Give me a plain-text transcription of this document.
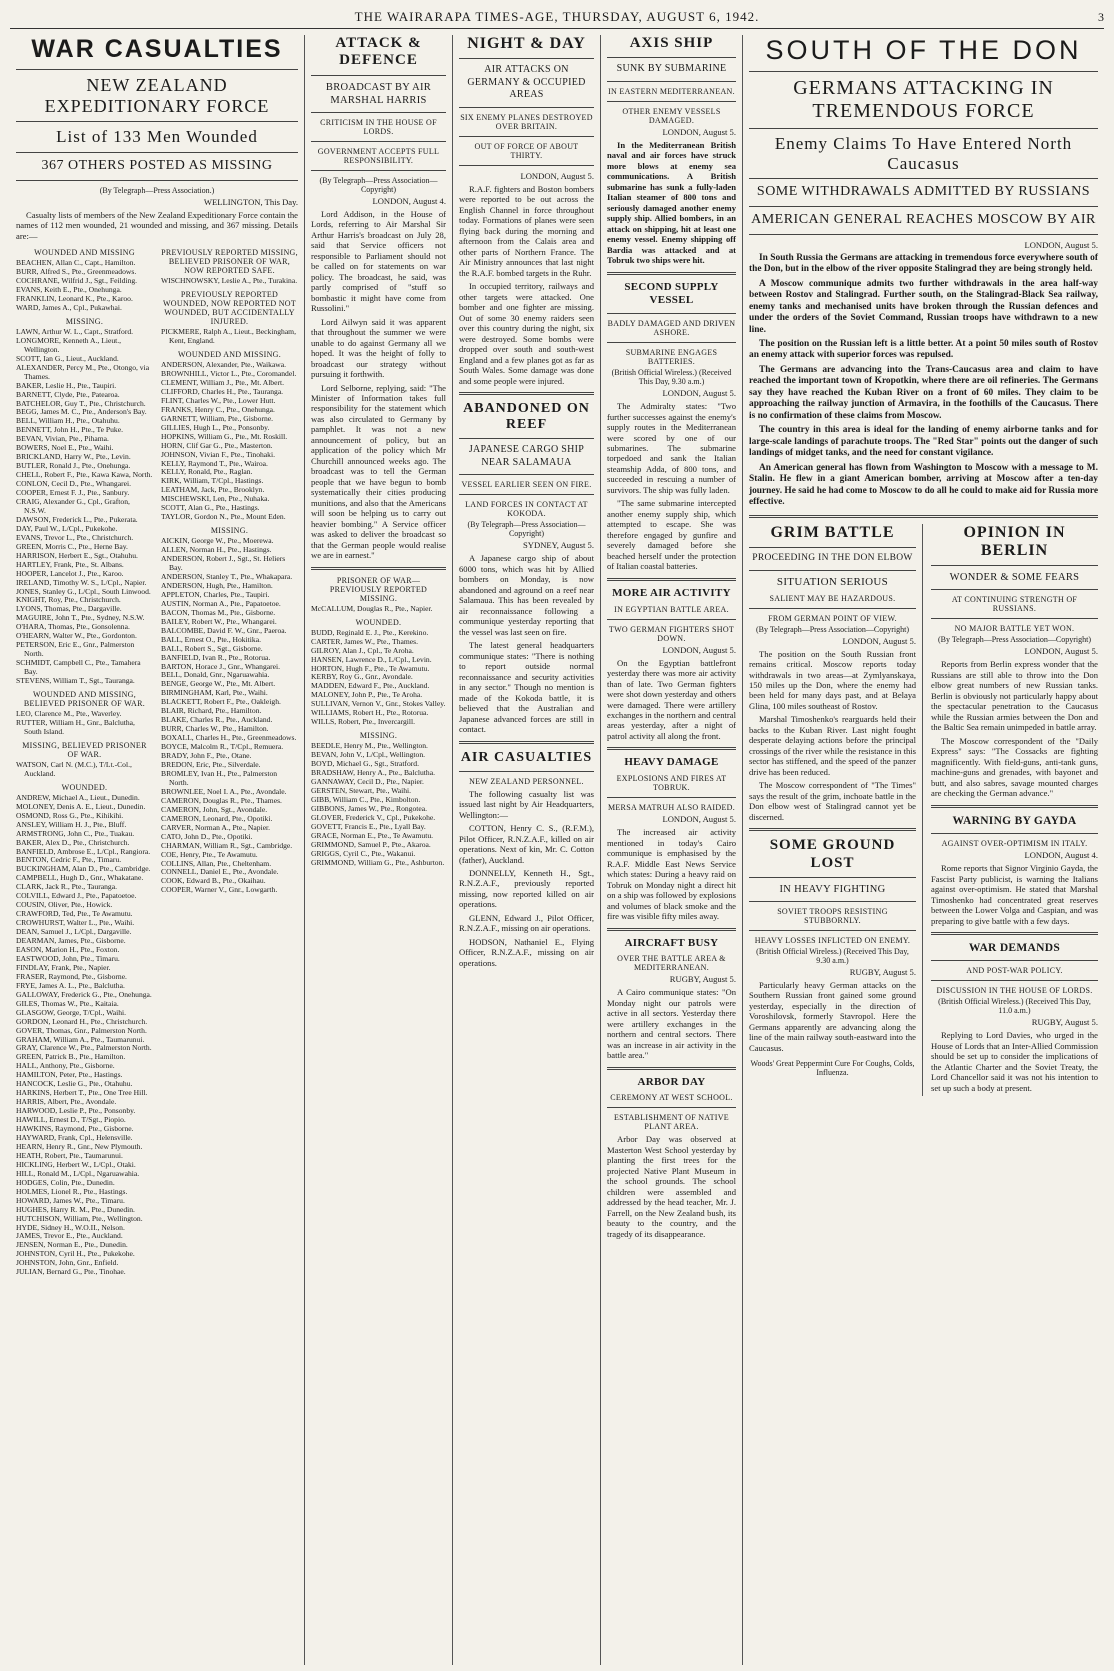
THE WAIRARAPA TIMES-AGE, THURSDAY, AUGUST 6, 1942.	3
WAR CASUALTIES
NEW ZEALAND EXPEDITIONARY FORCE
List of 133 Men Wounded
367 OTHERS POSTED AS MISSING
(By Telegraph—Press Association.)
WELLINGTON, This Day.

Casualty lists of members of the New Zealand Expeditionary Force contain the names of 112 men wounded, 21 wounded and missing, and 367 missing. Details are:—

WOUNDED AND MISSING
BEACHEN, Allan C., Capt., Hamilton.
BURR, Alfred S., Pte., Greenmeadows.
COCHRANE, Wilfrid J., Sgt., Feilding.
EVANS, Keith E., Pte., Onehunga.
FRANKLIN, Leonard K., Pte., Karoo.
WARD, James A., Cpl., Pukawhai.
MISSING.
LAWN, Arthur W. L., Capt., Stratford.
LONGMORE, Kenneth A., Lieut., Wellington.
SCOTT, Ian G., Lieut., Auckland.
ALEXANDER, Percy M., Pte., Otongo, via Thames.
BAKER, Leslie H., Pte., Taupiri.
BARNETT, Clyde, Pte., Patearoa.
BATCHELOR, Guy T., Pte., Christchurch.
BEGG, James M. C., Pte., Anderson's Bay.
BELL, William H., Pte., Otahuhu.
BENNETT, John H., Pte., Te Puke.
BEVAN, Vivian, Pte., Pihama.
BOWERS, Noel E., Pte., Waihi.
BRICKLAND, Harry W., Pte., Levin.
BUTLER, Ronald J., Pte., Onehunga.
CHELL, Robert F., Pte., Kawa Kawa, North.
CONLON, Cecil D., Pte., Whangarei.
COOPER, Ernest F. J., Pte., Sanbury.
CRAIG, Alexander G., Cpl., Grafton, N.S.W.
DAWSON, Frederick L., Pte., Pukerata.
DAY, Paul W., L/Cpl., Pukekohe.
EVANS, Trevor L., Pte., Christchurch.
GREEN, Morris C., Pte., Herne Bay.
HARRISON, Herbert E., Sgt., Otahuhu.
HARTLEY, Frank, Pte., St. Albans.
HOOPER, Lancelot J., Pte., Karoo.
IRELAND, Timothy W. S., L/Cpl., Napier.
JONES, Stanley G., L/Cpl., South Linwood.
KNIGHT, Roy, Pte., Christchurch.
LYONS, Thomas, Pte., Dargaville.
MAGUIRE, John T., Pte., Sydney, N.S.W.
O'HARA, Thomas, Pte., Gonsolenna.
O'HEARN, Walter W., Pte., Gordonton.
PETERSON, Eric E., Gnr., Palmerston North.
SCHMIDT, Campbell C., Pte., Tamahera Bay.
STEVENS, William T., Sgt., Tauranga.
WOUNDED AND MISSING, BELIEVED PRISONER OF WAR.
LEO, Clarence M., Pte., Waverley.
RUTTER, William H., Gnr., Balclutha, South Island.
MISSING, BELIEVED PRISONER OF WAR.
WATSON, Carl N. (M.C.), T/Lt.-Col., Auckland.
WOUNDED.
ANDREW, Michael A., Lieut., Dunedin.
MOLONEY, Denis A. E., Lieut., Dunedin.
OSMOND, Ross G., Pte., Kihikihi.
ANSLEY, William H. J., Pte., Bluff.
ARMSTRONG, John C., Pte., Tuakau.
BAKER, Alex D., Pte., Christchurch.
BANFIELD, Ambrose E., L/Cpl., Rangiora.
BENTON, Cedric F., Pte., Timaru.
BUCKINGHAM, Alan D., Pte., Cambridge.
CAMPBELL, Hugh D., Gnr., Whakatane.
CLARK, Jack R., Pte., Tauranga.
COLVILL, Edward J., Pte., Papatoetoe.
COUSIN, Oliver, Pte., Howick.
CRAWFORD, Ted, Pte., Te Awamutu.
CROWHURST, Walter L., Pte., Waihi.
DEAN, Samuel J., L/Cpl., Dargaville.
DEARMAN, James, Pte., Gisborne.
EASON, Marion H., Pte., Foxton.
EASTWOOD, John, Pte., Timaru.
FINDLAY, Frank, Pte., Napier.
FRASER, Raymond, Pte., Gisborne.
FRYE, James A. L., Pte., Balclutha.
GALLOWAY, Frederick G., Pte., Onehunga.
GILES, Thomas W., Pte., Kaitaia.
GLASGOW, George, T/Cpl., Waihi.
GORDON, Leonard H., Pte., Christchurch.
GOVER, Thomas, Gnr., Palmerston North.
GRAHAM, William A., Pte., Taumarunui.
GRAY, Clarence W., Pte., Palmerston North.
GREEN, Patrick B., Pte., Hamilton.
HALL, Anthony, Pte., Gisborne.
HAMILTON, Peter, Pte., Hastings.
HANCOCK, Leslie G., Pte., Otahuhu.
HARKINS, Herbert T., Pte., One Tree Hill.
HARRIS, Albert, Pte., Avondale.
HARWOOD, Leslie P., Pte., Ponsonby.
HAWILL, Ernest D., T/Sgt., Piopio.
HAWKINS, Raymond, Pte., Gisborne.
HAYWARD, Frank, Cpl., Helensville.
HEARN, Henry R., Gnr., New Plymouth.
HEATH, Robert, Pte., Taumarunui.
HICKLING, Herbert W., L/Cpl., Otaki.
HILL, Ronald M., L/Cpl., Ngaruawahia.
HODGES, Colin, Pte., Dunedin.
HOLMES, Lionel R., Pte., Hastings.
HOWARD, James W., Pte., Timaru.
HUGHES, Harry R. M., Pte., Dunedin.
HUTCHISON, William, Pte., Wellington.
HYDE, Sidney H., W.O.II., Nelson.
JAMES, Trevor E., Pte., Auckland.
JENSEN, Norman E., Pte., Dunedin.
JOHNSTON, Cyril H., Pte., Pukekohe.
JOHNSTON, John, Gnr., Enfield.
JULIAN, Bernard G., Pte., Tinohae.
PREVIOUSLY REPORTED MISSING, BELIEVED PRISONER OF WAR, NOW REPORTED SAFE.
WISCHNOWSKY, Leslie A., Pte., Turakina.
PREVIOUSLY REPORTED WOUNDED, NOW REPORTED NOT WOUNDED, BUT ACCIDENTALLY INJURED.
PICKMERE, Ralph A., Lieut., Beckingham, Kent, England.
WOUNDED AND MISSING.
ANDERSON, Alexander, Pte., Waikawa.
BROWNHILL, Victor L., Pte., Coromandel.
CLEMENT, William J., Pte., Mt. Albert.
CLIFFORD, Charles H., Pte., Tauranga.
FLINT, Charles W., Pte., Lower Hutt.
FRANKS, Henry C., Pte., Onehunga.
GARNETT, William, Pte., Gisborne.
GILLIES, Hugh L., Pte., Ponsonby.
HOPKINS, William G., Pte., Mt. Roskill.
HORN, Clif Gar G., Pte., Masterton.
JOHNSON, Vivian F., Pte., Tinohaki.
KELLY, Raymond T., Pte., Wairoa.
KELLY, Ronald, Pte., Raglan.
KIRK, William, T/Cpl., Hastings.
LEATHAM, Jack, Pte., Brooklyn.
MISCHEWSKI, Len, Pte., Nuhaka.
SCOTT, Alan G., Pte., Hastings.
TAYLOR, Gordon N., Pte., Mount Eden.
MISSING.
AICKIN, George W., Pte., Moerewa.
ALLEN, Norman H., Pte., Hastings.
ANDERSON, Robert J., Sgt., St. Heliers Bay.
ANDERSON, Stanley T., Pte., Whakapara.
ANDERSON, Hugh, Pte., Hamilton.
APPLETON, Charles, Pte., Taupiri.
AUSTIN, Norman A., Pte., Papatoetoe.
BACON, Thomas M., Pte., Gisborne.
BAILEY, Robert W., Pte., Whangarei.
BALCOMBE, David F. W., Gnr., Paeroa.
BALL, Ernest O., Pte., Hokitika.
BALL, Robert S., Sgt., Gisborne.
BANFIELD, Ivan R., Pte., Rotorua.
BARTON, Horace J., Gnr., Whangarei.
BELL, Donald, Gnr., Ngaruawahia.
BENGE, George W., Pte., Mt. Albert.
BIRMINGHAM, Karl, Pte., Waihi.
BLACKETT, Robert F., Pte., Oakleigh.
BLAIR, Richard, Pte., Hamilton.
BLAKE, Charles R., Pte., Auckland.
BURR, Charles W., Pte., Hamilton.
BOXALL, Charles H., Pte., Greenmeadows.
BOYCE, Malcolm R., T/Cpl., Remuera.
BRADY, John F., Pte., Otane.
BREDON, Eric, Pte., Silverdale.
BROMLEY, Ivan H., Pte., Palmerston North.
BROWNLEE, Noel I. A., Pte., Avondale.
CAMERON, Douglas R., Pte., Thames.
CAMERON, John, Sgt., Avondale.
CAMERON, Leonard, Pte., Opotiki.
CARVER, Norman A., Pte., Napier.
CATO, John D., Pte., Opotiki.
CHARMAN, William R., Sgt., Cambridge.
COE, Henry, Pte., Te Awamutu.
COLLINS, Allan, Pte., Cheltenham.
CONNELL, Daniel E., Pte., Avondale.
COOK, Edward B., Pte., Okaihau.
COOPER, Warner V., Gnr., Lowgarth.
ATTACK & DEFENCE
BROADCAST BY AIR MARSHAL HARRIS
CRITICISM IN THE HOUSE OF LORDS.
GOVERNMENT ACCEPTS FULL RESPONSIBILITY.
(By Telegraph—Press Association—Copyright)
LONDON, August 4.

Lord Addison, in the House of Lords, referring to Air Marshal Sir Arthur Harris's broadcast on July 28, said that Service officers not responsible to Parliament should not be called on for statements on war policy. The broadcast, he said, was partly comprised of "stuff so bombastic it might have come from Russolini."

Lord Ailwyn said it was apparent that throughout the summer we were unable to do against Germany all we hoped. It was the height of folly to broadcast our strategy without pursuing it forthwith.

Lord Selborne, replying, said: "The Minister of Information takes full responsibility for the statement which was also circulated to Germany by pamphlet. It was not a new announcement of policy, but an application of the policy which Mr Churchill announced weeks ago. The broadcast was to tell the German people that we have begun to bomb systematically their cities producing munitions, and also that the Americans will soon be helping us to carry out heavier bombing." A Service officer was asked to deliver the broadcast so that the German people would realise we are in earnest."

PRISONER OF WAR—PREVIOUSLY REPORTED MISSING.
McCALLUM, Douglas R., Pte., Napier.
WOUNDED.
BUDD, Reginald E. J., Pte., Kerekino.
CARTER, James W., Pte., Thames.
GILROY, Alan J., Cpl., Te Aroha.
HANSEN, Lawrence D., L/Cpl., Levin.
HORTON, Hugh F., Pte., Te Awamutu.
KERBY, Roy G., Gnr., Avondale.
MADDEN, Edward F., Pte., Auckland.
MALONEY, John P., Pte., Te Aroha.
SULLIVAN, Vernon V., Gnr., Stokes Valley.
WILLIAMS, Robert H., Pte., Rotorua.
WILLS, Robert, Pte., Invercargill.
MISSING.
BEEDLE, Henry M., Pte., Wellington.
BEVAN, John V., L/Cpl., Wellington.
BOYD, Michael G., Sgt., Stratford.
BRADSHAW, Henry A., Pte., Balclutha.
GANNAWAY, Cecil D., Pte., Napier.
GERSTEN, Stewart, Pte., Waihi.
GIBB, William C., Pte., Kimbolton.
GIBBONS, James W., Pte., Rongotea.
GLOVER, Frederick V., Cpl., Pukekohe.
GOVETT, Francis E., Pte., Lyall Bay.
GRACE, Norman E., Pte., Te Awamutu.
GRIMMOND, Samuel P., Pte., Akaroa.
GRIGGS, Cyril C., Pte., Wakanui.
GRIMMOND, William G., Pte., Ashburton.
NIGHT & DAY
AIR ATTACKS ON GERMANY & OCCUPIED AREAS
SIX ENEMY PLANES DESTROYED OVER BRITAIN.
OUT OF FORCE OF ABOUT THIRTY.
LONDON, August 5.

R.A.F. fighters and Boston bombers were reported to be out across the English Channel in force throughout today. Formations of planes were seen flying back during the morning and afternoon from the Calais area and other parts of Northern France. The Air Ministry announces that last night the R.A.F. bombed targets in the Ruhr.

In occupied territory, railways and other targets were attacked. One bomber and one fighter are missing. Out of some 30 enemy raiders seen over this country during the night, six were destroyed. Some bombs were dropped over south and south-west England and a few planes got as far as South Wales. Some damage was done and some people were injured.

ABANDONED ON REEF
JAPANESE CARGO SHIP NEAR SALAMAUA
VESSEL EARLIER SEEN ON FIRE.
LAND FORCES IN CONTACT AT KOKODA.
(By Telegraph—Press Association—Copyright)
SYDNEY, August 5.

A Japanese cargo ship of about 6000 tons, which was hit by Allied bombers on Monday, is now abandoned and aground on a reef near Salamaua. This has been revealed by air reconnaissance following a communique yesterday reporting that the vessel was last seen on fire.

The latest general headquarters communique states: "There is nothing to report outside normal reconnaissance and security activities in any sector." Though no mention is made of the Kokoda battle, it is believed that the Australian and Japanese advanced forces are still in contact.

AIR CASUALTIES
NEW ZEALAND PERSONNEL.

The following casualty list was issued last night by Air Headquarters, Wellington:—

COTTON, Henry C. S., (R.F.M.), Pilot Officer, R.N.Z.A.F., killed on air operations. Next of kin, Mr. C. Cotton (father), Auckland.

DONNELLY, Kenneth H., Sgt., R.N.Z.A.F., previously reported missing, now reported killed on air operations.

GLENN, Edward J., Pilot Officer, R.N.Z.A.F., missing on air operations.

HODSON, Nathaniel E., Flying Officer, R.N.Z.A.F., missing on air operations.

AXIS SHIP
SUNK BY SUBMARINE
IN EASTERN MEDITERRANEAN.
OTHER ENEMY VESSELS DAMAGED.
LONDON, August 5.

In the Mediterranean British naval and air forces have struck more blows at enemy sea communications. A British submarine has sunk a fully-laden Italian steamer of 800 tons and seriously damaged another enemy supply ship. Allied bombers, in an attack on shipping, hit at least one enemy vessel. Enemy shipping off Bardia was attacked and at Tobruk two ships were hit.

SECOND SUPPLY VESSEL
BADLY DAMAGED AND DRIVEN ASHORE.
SUBMARINE ENGAGES BATTERIES.
(British Official Wireless.) (Received This Day, 9.30 a.m.)
LONDON, August 5.

The Admiralty states: "Two further successes against the enemy's supply routes in the Mediterranean were scored by one of our submarines. The submarine torpedoed and sank the Italian steamship Adda, of 800 tons, and succeeded in rescuing a number of survivors. The ship was fully laden.

"The same submarine intercepted another enemy supply ship, which attempted to escape. She was therefore engaged by gunfire and severely damaged before she beached herself under the protection of Italian coastal batteries.

MORE AIR ACTIVITY
IN EGYPTIAN BATTLE AREA.
TWO GERMAN FIGHTERS SHOT DOWN.
LONDON, August 5.

On the Egyptian battlefront yesterday there was more air activity than of late. Two German fighters were shot down yesterday and others were damaged. There were artillery exchanges in the northern and central areas yesterday, after a night of patrol activity all along the front.

HEAVY DAMAGE
EXPLOSIONS AND FIRES AT TOBRUK.
MERSA MATRUH ALSO RAIDED.
LONDON, August 5.

The increased air activity mentioned in today's Cairo communique is emphasised by the R.A.F. Middle East News Service which states: During a heavy raid on Tobruk on Monday night a direct hit on a ship was followed by explosions and volumes of black smoke and the fire was visible fifty miles away.

AIRCRAFT BUSY
OVER THE BATTLE AREA & MEDITERRANEAN.
RUGBY, August 5.

A Cairo communique states: "On Monday night our patrols were active in all sectors. Yesterday there were artillery exchanges in the northern and central sectors. There was an increase in air activity in the battle area."

ARBOR DAY
CEREMONY AT WEST SCHOOL.
ESTABLISHMENT OF NATIVE PLANT AREA.

Arbor Day was observed at Masterton West School yesterday by planting the first trees for the projected Native Plant Museum in the school grounds. The school children were assembled and addressed by the head teacher, Mr. J. Farrell, on the New Zealand bush, its beauty to the country, and the tragedy of its disappearance.

SOUTH OF THE DON
GERMANS ATTACKING IN TREMENDOUS FORCE
Enemy Claims To Have Entered North Caucasus
SOME WITHDRAWALS ADMITTED BY RUSSIANS
AMERICAN GENERAL REACHES MOSCOW BY AIR
LONDON, August 5.

In South Russia the Germans are attacking in tremendous force everywhere south of the Don, but in the elbow of the river opposite Stalingrad they are being strongly held.

A Moscow communique admits two further withdrawals in the area half-way between Rostov and Stalingrad. Further south, on the Stalingrad-Black Sea railway, enemy tanks and mechanised units have broken through the Russian defences and under the orders of the Soviet Command, Russian troops have withdrawn to a new line.

The position on the Russian left is a little better. At a point 50 miles south of Rostov an enemy attack with superior forces was repulsed.

The Germans are advancing into the Trans-Caucasus area and claim to have reached the important town of Kropotkin, where there are oil refineries. The Germans say they have reached the Kuban River on a front of 60 miles. They claim to be approaching the railway junction of Armavira, in the foothills of the Caucasus. There is no confirmation of these claims from Moscow.

The country in this area is ideal for the landing of enemy airborne tanks and for large-scale landings of parachute troops. The "Red Star" points out the danger of such landings of midget tanks, and the need for constant vigilance.

An American general has flown from Washington to Moscow with a message to M. Stalin. He flew in a giant American bomber, arriving at Moscow after a ten-day journey. He said he had come to Moscow to do all he could to make aid for Russia more effective.

GRIM BATTLE
PROCEEDING IN THE DON ELBOW
SITUATION SERIOUS
SALIENT MAY BE HAZARDOUS.
FROM GERMAN POINT OF VIEW.
(By Telegraph—Press Association—Copyright)
LONDON, August 5.

The position on the South Russian front remains critical. Moscow reports today withdrawals in two areas—at Zymlyanskaya, 150 miles up the Don, where the enemy had been held for many days past, and at Belaya Glina, 100 miles southeast of Rostov.

Marshal Timoshenko's rearguards held their backs to the Kuban River. Last night fought desperate delaying actions before the principal crossings of the river while the resistance in this sector has stiffened, and the speed of the panzer drive has been reduced.

The Moscow correspondent of "The Times" says the result of the grim, inchoate battle in the Don elbow west of Stalingrad cannot yet be discerned.

SOME GROUND LOST
IN HEAVY FIGHTING
SOVIET TROOPS RESISTING STUBBORNLY.
HEAVY LOSSES INFLICTED ON ENEMY.
(British Official Wireless.) (Received This Day, 9.30 a.m.)
RUGBY, August 5.

Particularly heavy German attacks on the Southern Russian front gained some ground yesterday, especially in the direction of Voroshilovsk, formerly Stavropol. Here the Germans apparently are advancing along the line of the main railway south-eastward into the Caucasus.

Woods' Great Peppermint Cure For Coughs, Colds, Influenza.
OPINION IN BERLIN
WONDER & SOME FEARS
AT CONTINUING STRENGTH OF RUSSIANS.
NO MAJOR BATTLE YET WON.
(By Telegraph—Press Association—Copyright)
LONDON, August 5.

Reports from Berlin express wonder that the Russians are still able to throw into the Don elbow great numbers of new Russian tanks. Berlin is obviously not particularly happy about the spectacular penetration to the Caucasus while the Russian armies between the Don and the Baltic Sea remain unimpeded in battle array.

The Moscow correspondent of the "Daily Express" says: "The Cossacks are fighting magnificently. With field-guns, anti-tank guns, machine-guns and grenades, with bayonet and butt, and also sabres, savage mounted charges are checking the German advance."

WARNING BY GAYDA
AGAINST OVER-OPTIMISM IN ITALY.
LONDON, August 4.

Rome reports that Signor Virginio Gayda, the Fascist Party publicist, is warning the Italians against over-optimism. He stated that Marshal Timoshenko had concentrated great reserves between the Lower Volga and Caspian, and was preparing to give battle with a few days.

WAR DEMANDS
AND POST-WAR POLICY.
DISCUSSION IN THE HOUSE OF LORDS.
(British Official Wireless.) (Received This Day, 11.0 a.m.)
RUGBY, August 5.

Replying to Lord Davies, who urged in the House of Lords that an Inter-Allied Commission should be set up to consider the implications of the Atlantic Charter and the Soviet Treaty, the Lord Chancellor said it was not his intention to set up such a body at present.
